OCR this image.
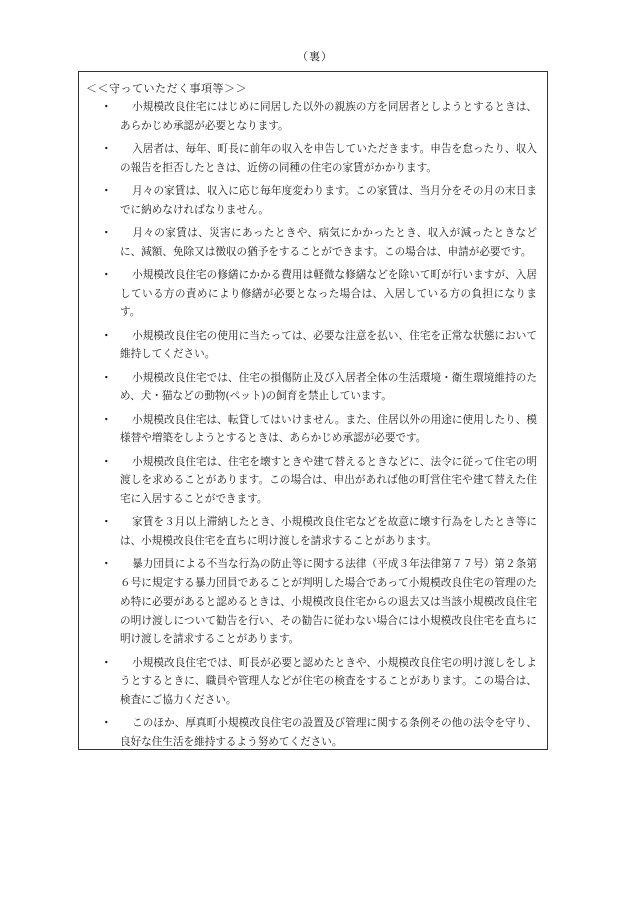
（裏）
＜＜守っていただく事項等＞＞
・	小規模改良住宅にはじめに同居した以外の親族の方を同居者としようとするときは、あらかじめ承認が必要となります。
・	入居者は、毎年、町長に前年の収入を申告していただきます。申告を怠ったり、収入の報告を拒否したときは、近傍の同種の住宅の家賃がかかります。
・	月々の家賃は、収入に応じ毎年度変わります。この家賃は、当月分をその月の末日までに納めなければなりません。
・	月々の家賃は、災害にあったときや、病気にかかったとき、収入が減ったときなどに、減額、免除又は徴収の猶予をすることができます。この場合は、申請が必要です。
・	小規模改良住宅の修繕にかかる費用は軽微な修繕などを除いて町が行いますが、入居している方の責めにより修繕が必要となった場合は、入居している方の負担になります。
・	小規模改良住宅の使用に当たっては、必要な注意を払い、住宅を正常な状態において維持してください。
・	小規模改良住宅では、住宅の損傷防止及び入居者全体の生活環境・衛生環境維持のため、犬・猫などの動物(ペット)の飼育を禁止しています。
・	小規模改良住宅は、転貸してはいけません。また、住居以外の用途に使用したり、模様替や増築をしようとするときは、あらかじめ承認が必要です。
・	小規模改良住宅は、住宅を壊すときや建て替えるときなどに、法令に従って住宅の明渡しを求めることがあります。この場合は、申出があれば他の町営住宅や建て替えた住宅に入居することができます。
・	家賃を３月以上滞納したとき、小規模改良住宅などを故意に壊す行為をしたとき等には、小規模改良住宅を直ちに明け渡しを請求することがあります。
・	暴力団員による不当な行為の防止等に関する法律（平成３年法律第７７号）第２条第６号に規定する暴力団員であることが判明した場合であって小規模改良住宅の管理のため特に必要があると認めるときは、小規模改良住宅からの退去又は当該小規模改良住宅の明け渡しについて勧告を行い、その勧告に従わない場合には小規模改良住宅を直ちに明け渡しを請求することがあります。
・	小規模改良住宅では、町長が必要と認めたときや、小規模改良住宅の明け渡しをしようとするときに、職員や管理人などが住宅の検査をすることがあります。この場合は、検査にご協力ください。
・	このほか、厚真町小規模改良住宅の設置及び管理に関する条例その他の法令を守り、良好な住生活を維持するよう努めてください。
